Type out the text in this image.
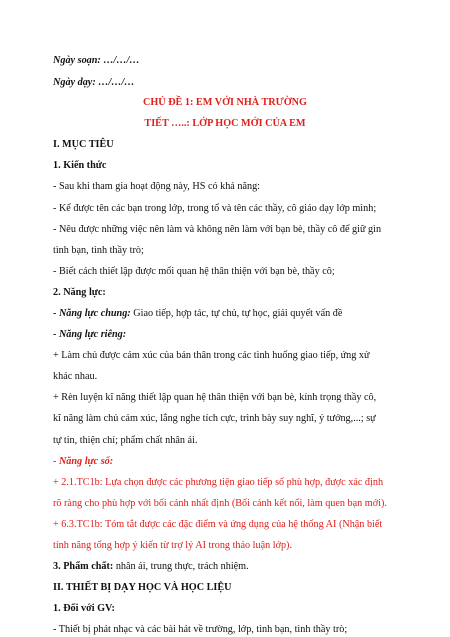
Ngày soạn: …/…/…
Ngày dạy: …/…/…
CHỦ ĐỀ 1: EM VỚI NHÀ TRƯỜNG
TIẾT …..: LỚP HỌC MỚI CỦA EM
I. MỤC TIÊU
1. Kiến thức
- Sau khi tham gia hoạt động này, HS có khả năng:
- Kể được tên các bạn trong lớp, trong tổ và tên các thầy, cô giáo dạy lớp mình;
- Nêu được những việc nên làm và không nên làm với bạn bè, thầy cô để giữ gìn
tình bạn, tình thầy trò;
- Biết cách thiết lập được mối quan hệ thân thiện với bạn bè, thầy cô;
2. Năng lực:
- Năng lực chung: Giao tiếp, hợp tác, tự chủ, tự học, giải quyết vấn đề
- Năng lực riêng:
+ Làm chủ được cảm xúc của bản thân trong các tình huống giao tiếp, ứng xử
khác nhau.
+ Rèn luyện kĩ năng thiết lập quan hệ thân thiện với bạn bè, kính trọng thầy cô,
kĩ năng làm chủ cảm xúc, lắng nghe tích cực, trình bày suy nghĩ, ý tưởng,...; sự
tự tin, thiện chí; phẩm chất nhân ái.
- Năng lực số:
+ 2.1.TC1b: Lựa chọn được các phương tiện giao tiếp số phù hợp, được xác định
rõ ràng cho phù hợp với bối cảnh nhất định (Bối cảnh kết nối, làm quen bạn mới).
+ 6.3.TC1b: Tóm tắt được các đặc điểm và ứng dụng của hệ thống AI (Nhận biết
tính năng tổng hợp ý kiến từ trợ lý AI trong thảo luận lớp).
3. Phẩm chất: nhân ái, trung thực, trách nhiệm.
II. THIẾT BỊ DẠY HỌC VÀ HỌC LIỆU
1. Đối với GV:
- Thiết bị phát nhạc và các bài hát về trường, lớp, tình bạn, tình thầy trò;
